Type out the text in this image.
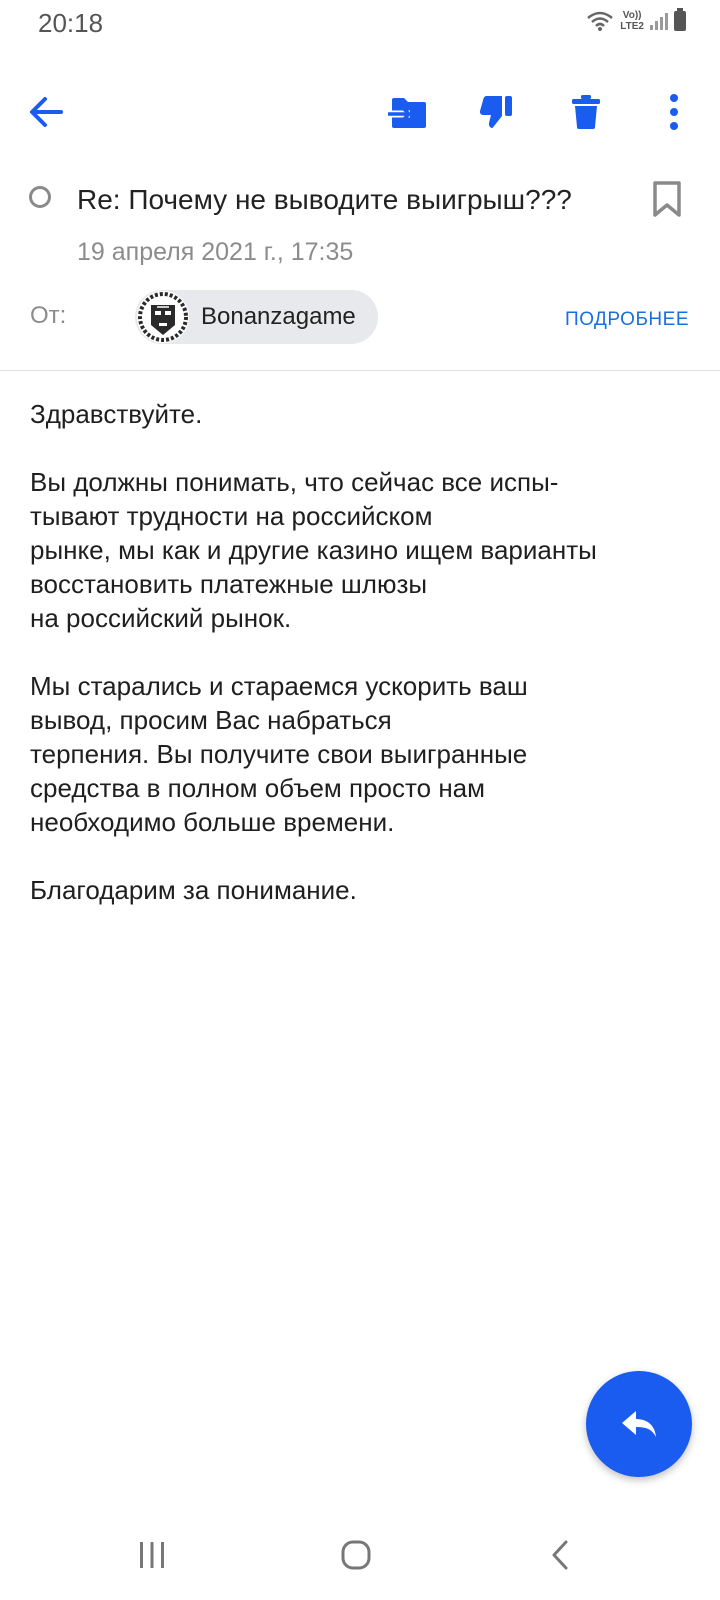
20:18	Vo))
LTE2
Re: Почему не выводите выигрыш???
19 апреля 2021 г., 17:35
От:	Bonanzagame	ПОДРОБНЕЕ

Здравствуйте.

Вы должны понимать, что сейчас все испы-
тывают трудности на российском
рынке, мы как и другие казино ищем варианты
восстановить платежные шлюзы
на российский рынок.

Мы старались и стараемся ускорить ваш
вывод, просим Вас набраться
терпения. Вы получите свои выигранные
средства в полном объем просто нам
необходимо больше времени.

Благодарим за понимание.
